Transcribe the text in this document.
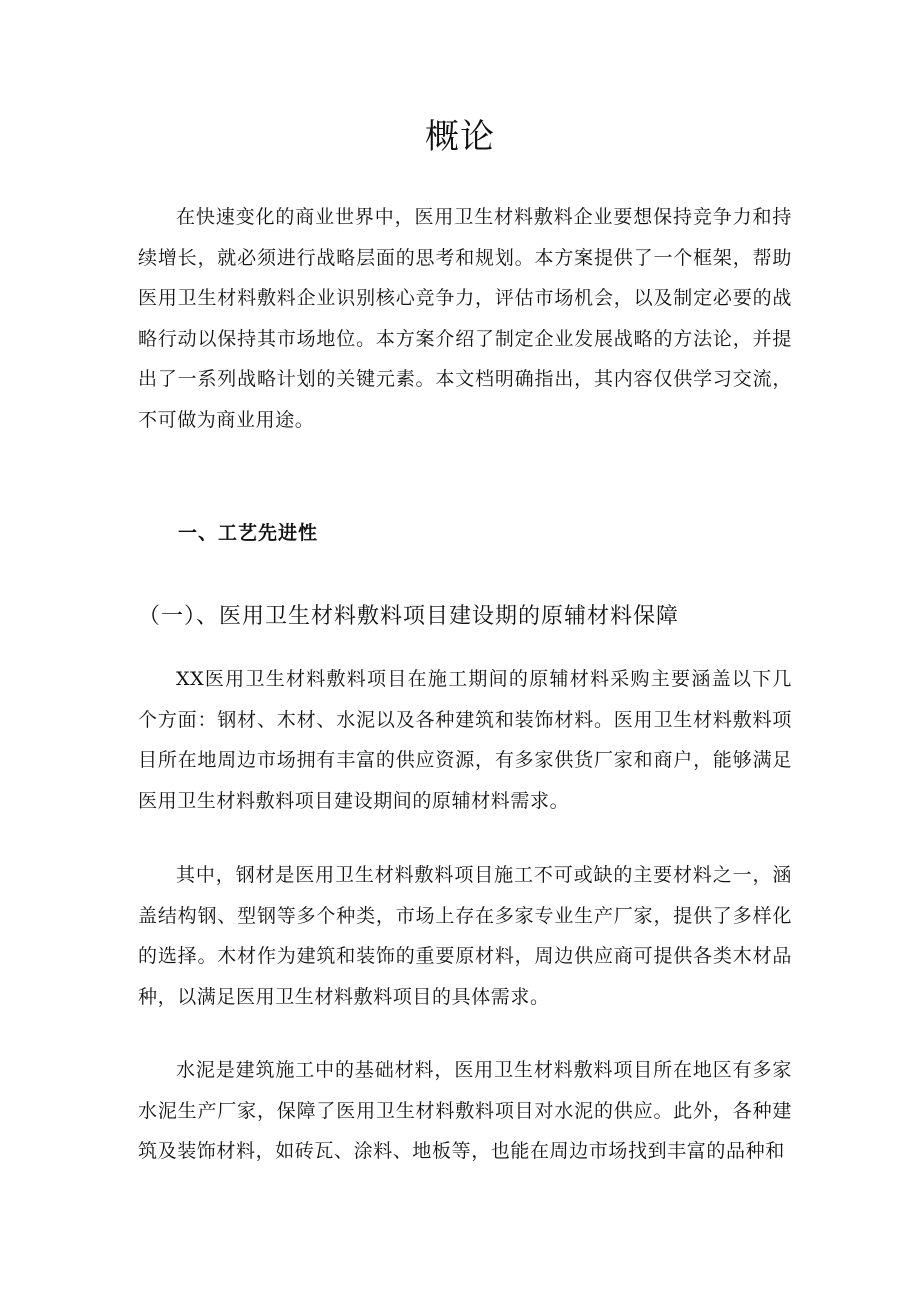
概论

在快速变化的商业世界中，医用卫生材料敷料企业要想保持竞争力和持续增长，就必须进行战略层面的思考和规划。本方案提供了一个框架，帮助医用卫生材料敷料企业识别核心竞争力，评估市场机会，以及制定必要的战略行动以保持其市场地位。本方案介绍了制定企业发展战略的方法论，并提出了一系列战略计划的关键元素。本文档明确指出，其内容仅供学习交流，不可做为商业用途。

一、工艺先进性
（一）、医用卫生材料敷料项目建设期的原辅材料保障

XX医用卫生材料敷料项目在施工期间的原辅材料采购主要涵盖以下几个方面：钢材、木材、水泥以及各种建筑和装饰材料。医用卫生材料敷料项目所在地周边市场拥有丰富的供应资源，有多家供货厂家和商户，能够满足医用卫生材料敷料项目建设期间的原辅材料需求。

其中，钢材是医用卫生材料敷料项目施工不可或缺的主要材料之一，涵盖结构钢、型钢等多个种类，市场上存在多家专业生产厂家，提供了多样化的选择。木材作为建筑和装饰的重要原材料，周边供应商可提供各类木材品种，以满足医用卫生材料敷料项目的具体需求。

水泥是建筑施工中的基础材料，医用卫生材料敷料项目所在地区有多家水泥生产厂家，保障了医用卫生材料敷料项目对水泥的供应。此外，各种建筑及装饰材料，如砖瓦、涂料、地板等，也能在周边市场找到丰富的品种和
